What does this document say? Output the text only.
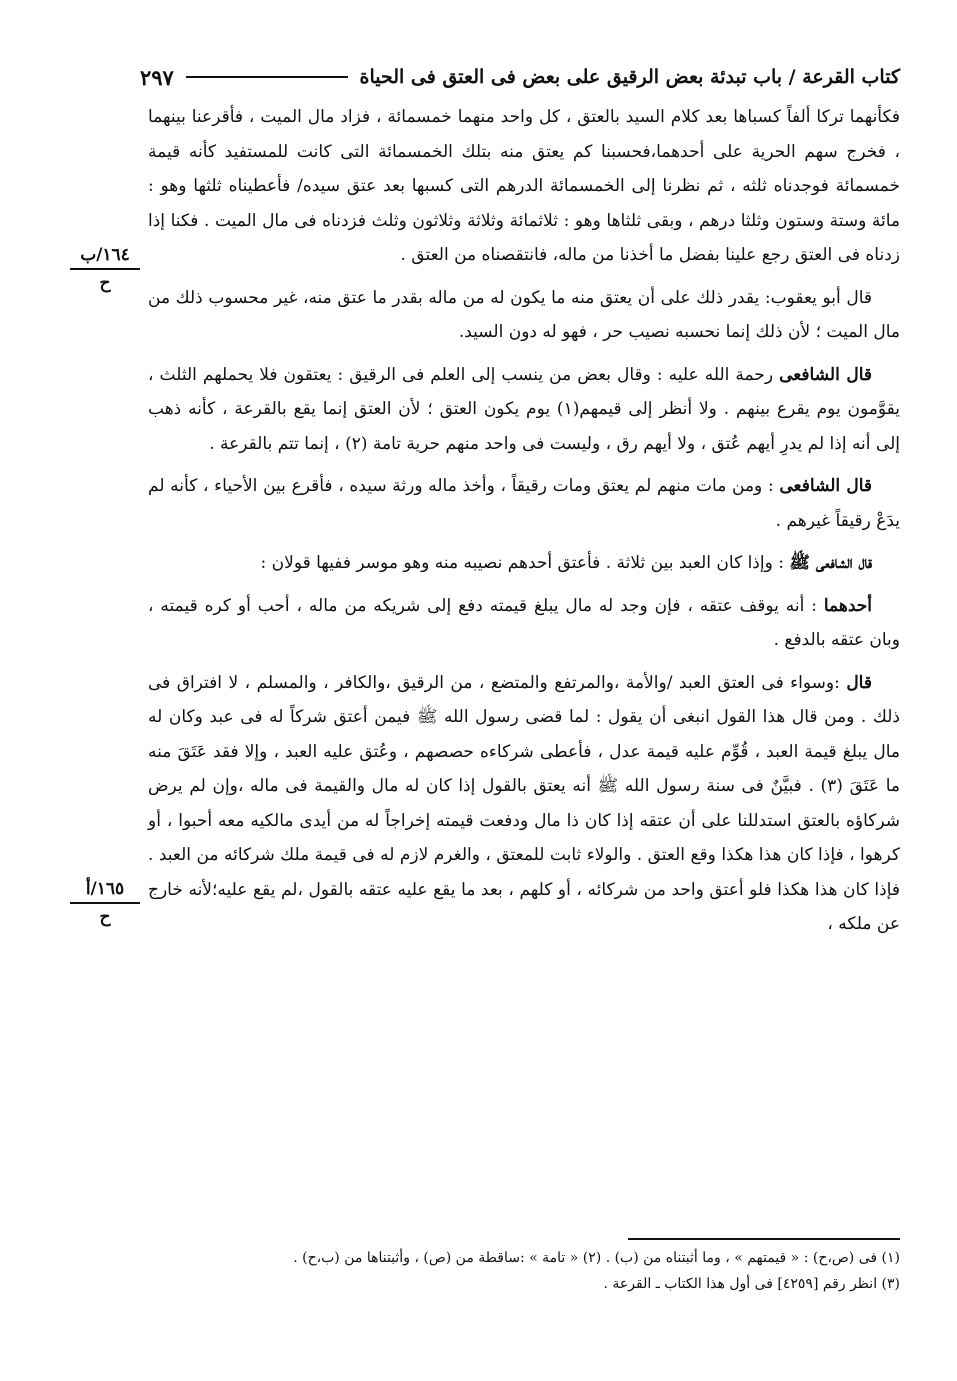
كتاب القرعة / باب تبدئة بعض الرقيق على بعض فى العتق فى الحياة
٢٩٧
١٦٤/ب
ح
١٦٥/أ
ح

فكأنهما تركا ألفاً كسباها بعد كلام السيد بالعتق ، كل واحد منهما خمسمائة ، فزاد مال الميت ، فأقرعنا بينهما ، فخرج سهم الحرية على أحدهما،فحسبنا كم يعتق منه بتلك الخمسمائة التى كانت للمستفيد كأنه قيمة خمسمائة فوجدناه ثلثه ، ثم نظرنا إلى الخمسمائة الدرهم التى كسبها بعد عتق سيده/ فأعطيناه ثلثها وهو : مائة وستة وستون وثلثا درهم ، وبقى ثلثاها وهو : ثلاثمائة وثلاثة وثلاثون وثلث فزدناه فى مال الميت . فكنا إذا زدناه فى العتق رجع علينا بفضل ما أخذنا من ماله، فانتقصناه من العتق .

قال أبو يعقوب: يقدر ذلك على أن يعتق منه ما يكون له من ماله بقدر ما عتق منه، غير محسوب ذلك من مال الميت ؛ لأن ذلك إنما نحسبه نصيب حر ، فهو له دون السيد.

قال الشافعى رحمة الله عليه : وقال بعض من ينسب إلى العلم فى الرقيق : يعتقون فلا يحملهم الثلث ، يقوَّمون يوم يقرع بينهم . ولا أنظر إلى قيمهم(١) يوم يكون العتق ؛ لأن العتق إنما يقع بالقرعة ، كأنه ذهب إلى أنه إذا لم يدرِ أيهم عُتق ، ولا أيهم رق ، وليست فى واحد منهم حرية تامة (٢) ، إنما تتم بالقرعة .

قال الشافعى : ومن مات منهم لم يعتق ومات رقيقاً ، وأخذ ماله ورثة سيده ، فأقرع بين الأحياء ، كأنه لم يدَعْ رقيقاً غيرهم .

قال الشافعى ﷺ : وإذا كان العبد بين ثلاثة . فأعتق أحدهم نصيبه منه وهو موسر ففيها قولان :

أحدهما : أنه يوقف عتقه ، فإن وجد له مال يبلغ قيمته دفع إلى شريكه من ماله ، أحب أو كره قيمته ، وبان عتقه بالدفع .

قال :وسواء فى العتق العبد /والأمة ،والمرتفع والمتضع ، من الرقيق ،والكافر ، والمسلم ، لا افتراق فى ذلك . ومن قال هذا القول انبغى أن يقول : لما قضى رسول الله ﷺ فيمن أعتق شركاً له فى عبد وكان له مال يبلغ قيمة العبد ، قُوِّم عليه قيمة عدل ، فأعطى شركاءه حصصهم ، وعُتق عليه العبد ، وإلا فقد عَتَقَ منه ما عَتَقَ (٣) . فبيَّنٌ فى سنة رسول الله ﷺ أنه يعتق بالقول إذا كان له مال والقيمة فى ماله ،وإن لم يرض شركاؤه بالعتق استدللنا على أن عتقه إذا كان ذا مال ودفعت قيمته إخراجاً له من أيدى مالكيه معه أحبوا ، أو كرهوا ، فإذا كان هذا هكذا وقع العتق . والولاء ثابت للمعتق ، والغرم لازم له فى قيمة ملك شركائه من العبد . فإذا كان هذا هكذا فلو أعتق واحد من شركائه ، أو كلهم ، بعد ما يقع عليه عتقه بالقول ،لم يقع عليه؛لأنه خارج عن ملكه ،

(١) فى (ص،ح) : « قيمتهم » ، وما أثبتناه من (ب) . (٢) « تامة » :ساقطة من (ص) ، وأثبتناها من (ب،ح) .
(٣) انظر رقم [٤٢٥٩] فى أول هذا الكتاب ـ القرعة .
